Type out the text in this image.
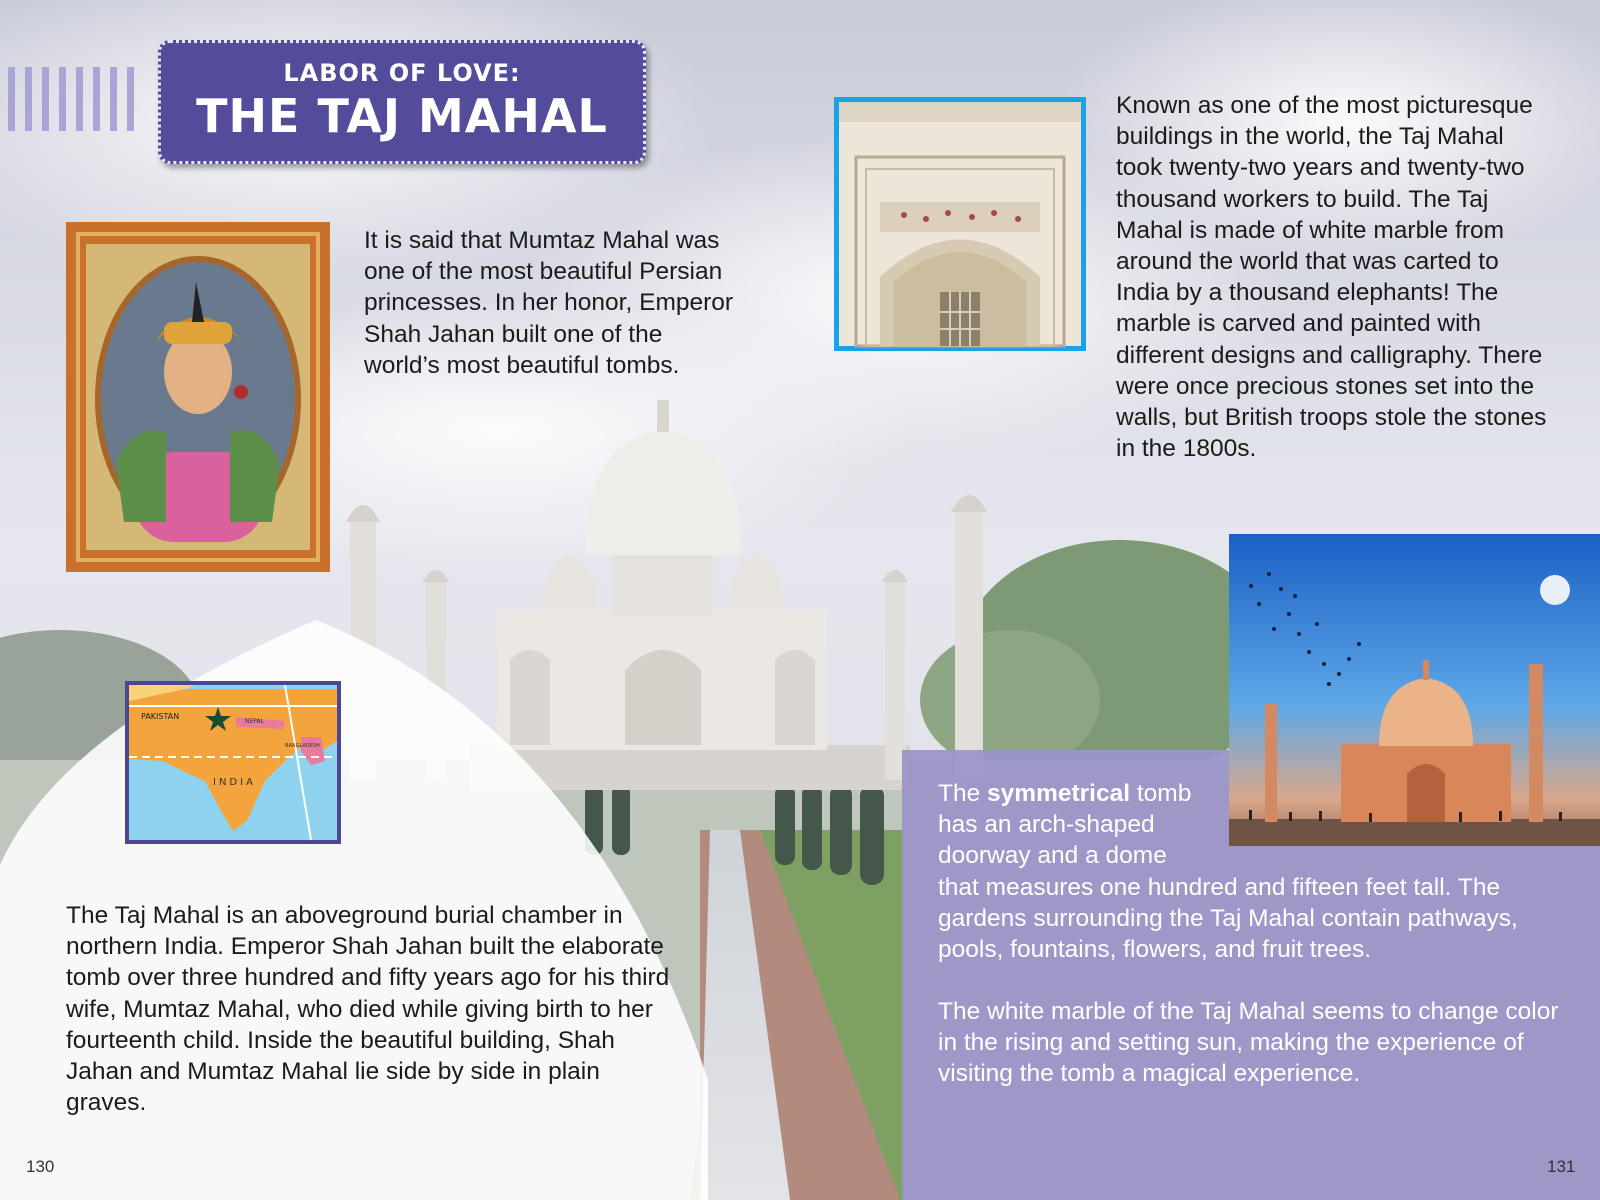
LABOR OF LOVE:
THE TAJ MAHAL
PAKISTAN
NEPAL
BANGLADESH
INDIA
It is said that Mumtaz Mahal was one of the most beautiful Persian princesses. In her honor, Emperor Shah Jahan built one of the world’s most beautiful tombs.
Known as one of the most picturesque buildings in the world, the Taj Mahal took twenty-two years and twenty-two thousand workers to build. The Taj Mahal is made of white marble from around the world that was carted to India by a thousand elephants! The marble is carved and painted with different designs and calligraphy. There were once precious stones set into the walls, but British troops stole the stones in the 1800s.
The Taj Mahal is an aboveground burial chamber in northern India. Emperor Shah Jahan built the elaborate tomb over three hundred and fifty years ago for his third wife, Mumtaz Mahal, who died while giving birth to her fourteenth child. Inside the beautiful building, Shah Jahan and Mumtaz Mahal lie side by side in plain graves.
The symmetrical tomb has an arch-shaped doorway and a dome that measures one hundred and fifteen feet tall. The gardens surrounding the Taj Mahal contain pathways, pools, fountains, flowers, and fruit trees.
The white marble of the Taj Mahal seems to change color in the rising and setting sun, making the experience of visiting the tomb a magical experience.
130	131
